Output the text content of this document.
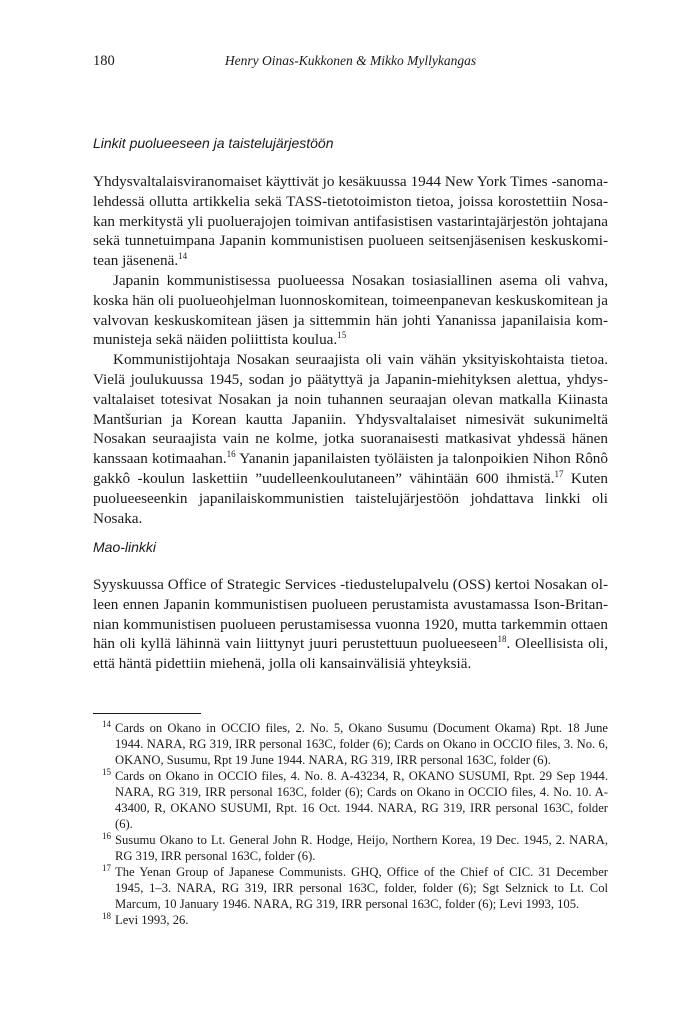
180	Henry Oinas-Kukkonen & Mikko Myllykangas
Linkit puolueeseen ja taistelujärjestöön

Yhdysvaltalaisviranomaiset käyttivät jo kesäkuussa 1944 New York Times -sanomalehdessä ollutta artikkelia sekä TASS-tietotoimiston tietoa, joissa korostettiin Nosakan merkitystä yli puoluerajojen toimivan antifasistisen vastarintajärjestön johtajana sekä tunnetuimpana Japanin kommunistisen puolueen seitsenjäsenisen keskuskomitean jäsenenä.$^{14}$

Japanin kommunistisessa puolueessa Nosakan tosiasiallinen asema oli vahva, koska hän oli puolueohjelman luonnoskomitean, toimeenpanevan keskuskomitean ja valvovan keskuskomitean jäsen ja sittemmin hän johti Yananissa japanilaisia kommunisteja sekä näiden poliittista koulua.$^{15}$

Kommunistijohtaja Nosakan seuraajista oli vain vähän yksityiskohtaista tietoa. Vielä joulukuussa 1945, sodan jo päätyttyä ja Japanin-miehityksen alettua, yhdysvaltalaiset totesivat Nosakan ja noin tuhannen seuraajan olevan matkalla Kiinasta Mantšurian ja Korean kautta Japaniin. Yhdysvaltalaiset nimesivät sukunimeltä Nosakan seuraajista vain ne kolme, jotka suoranaisesti matkasivat yhdessä hänen kanssaan kotimaahan.$^{16}$ Yananin japanilaisten työläisten ja talonpoikien Nihon Rônô gakkô -koulun laskettiin ”uudelleenkoulutaneen” vähintään 600 ihmistä.$^{17}$ Kuten puolueeseenkin japanilaiskommunistien taistelujärjestöön johdattava linkki oli Nosaka.

Mao-linkki

Syyskuussa Office of Strategic Services -tiedustelupalvelu (OSS) kertoi Nosakan olleen ennen Japanin kommunistisen puolueen perustamista avustamassa Ison-Britannian kommunistisen puolueen perustamisessa vuonna 1920, mutta tarkemmin ottaen hän oli kyllä lähinnä vain liittynyt juuri perustettuun puolueeseen$^{18}$. Oleellisista oli, että häntä pidettiin miehenä, jolla oli kansainvälisiä yhteyksiä.

14 Cards on Okano in OCCIO files, 2. No. 5, Okano Susumu (Document Okama) Rpt. 18 June 1944. NARA, RG 319, IRR personal 163C, folder (6); Cards on Okano in OCCIO files, 3. No. 6, OKANO, Susumu, Rpt 19 June 1944. NARA, RG 319, IRR personal 163C, folder (6).
15 Cards on Okano in OCCIO files, 4. No. 8. A-43234, R, OKANO SUSUMI, Rpt. 29 Sep 1944. NARA, RG 319, IRR personal 163C, folder (6); Cards on Okano in OCCIO files, 4. No. 10. A-43400, R, OKANO SUSUMI, Rpt. 16 Oct. 1944. NARA, RG 319, IRR personal 163C, folder (6).
16 Susumu Okano to Lt. General John R. Hodge, Heijo, Northern Korea, 19 Dec. 1945, 2. NARA, RG 319, IRR personal 163C, folder (6).
17 The Yenan Group of Japanese Communists. GHQ, Office of the Chief of CIC. 31 December 1945, 1–3. NARA, RG 319, IRR personal 163C, folder, folder (6); Sgt Selznick to Lt. Col Marcum, 10 January 1946. NARA, RG 319, IRR personal 163C, folder (6); Levi 1993, 105.
18 Levi 1993, 26.
